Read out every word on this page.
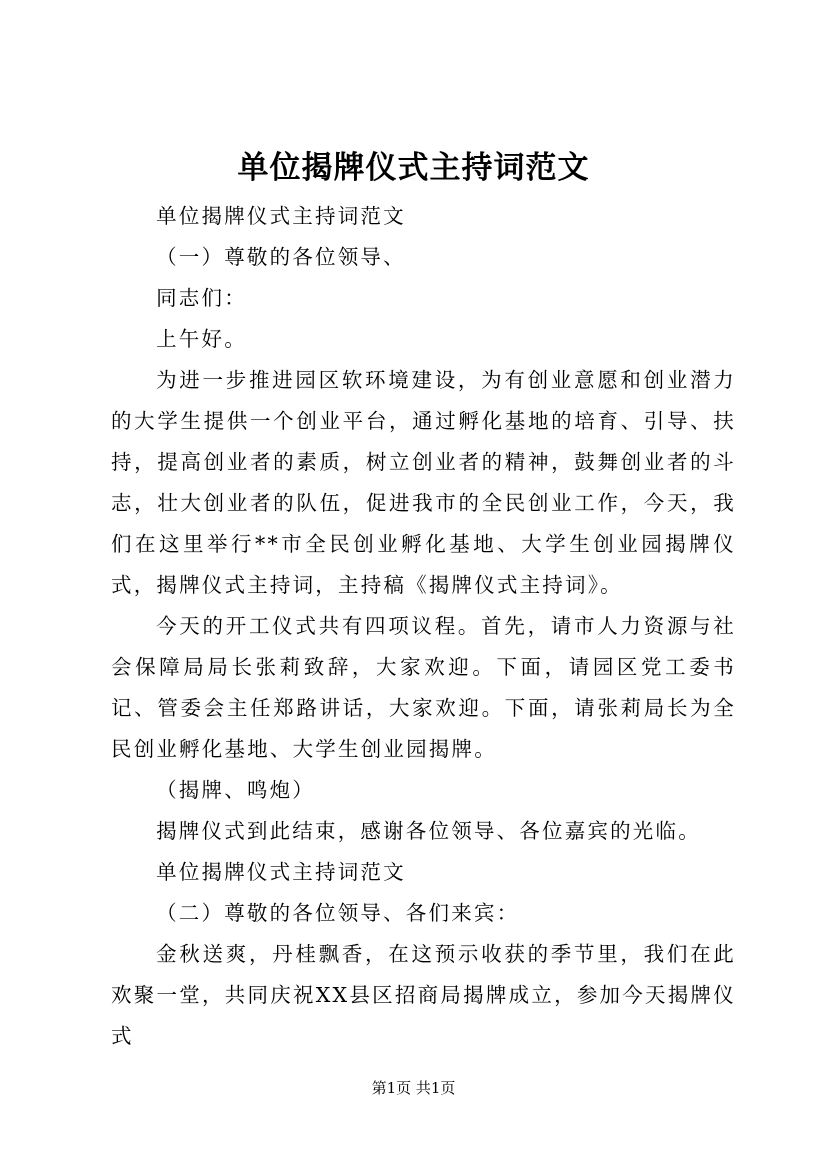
单位揭牌仪式主持词范文

单位揭牌仪式主持词范文

（一）尊敬的各位领导、

同志们：

上午好。

为进一步推进园区软环境建设，为有创业意愿和创业潜力的大学生提供一个创业平台，通过孵化基地的培育、引导、扶持，提高创业者的素质，树立创业者的精神，鼓舞创业者的斗志，壮大创业者的队伍，促进我市的全民创业工作，今天，我们在这里举行**市全民创业孵化基地、大学生创业园揭牌仪式，揭牌仪式主持词，主持稿《揭牌仪式主持词》。

今天的开工仪式共有四项议程。首先，请市人力资源与社会保障局局长张莉致辞，大家欢迎。下面，请园区党工委书记、管委会主任郑路讲话，大家欢迎。下面，请张莉局长为全民创业孵化基地、大学生创业园揭牌。

（揭牌、鸣炮）

揭牌仪式到此结束，感谢各位领导、各位嘉宾的光临。

单位揭牌仪式主持词范文

（二）尊敬的各位领导、各们来宾：

金秋送爽，丹桂飘香，在这预示收获的季节里，我们在此欢聚一堂，共同庆祝XX县区招商局揭牌成立，参加今天揭牌仪式

第1页 共1页
